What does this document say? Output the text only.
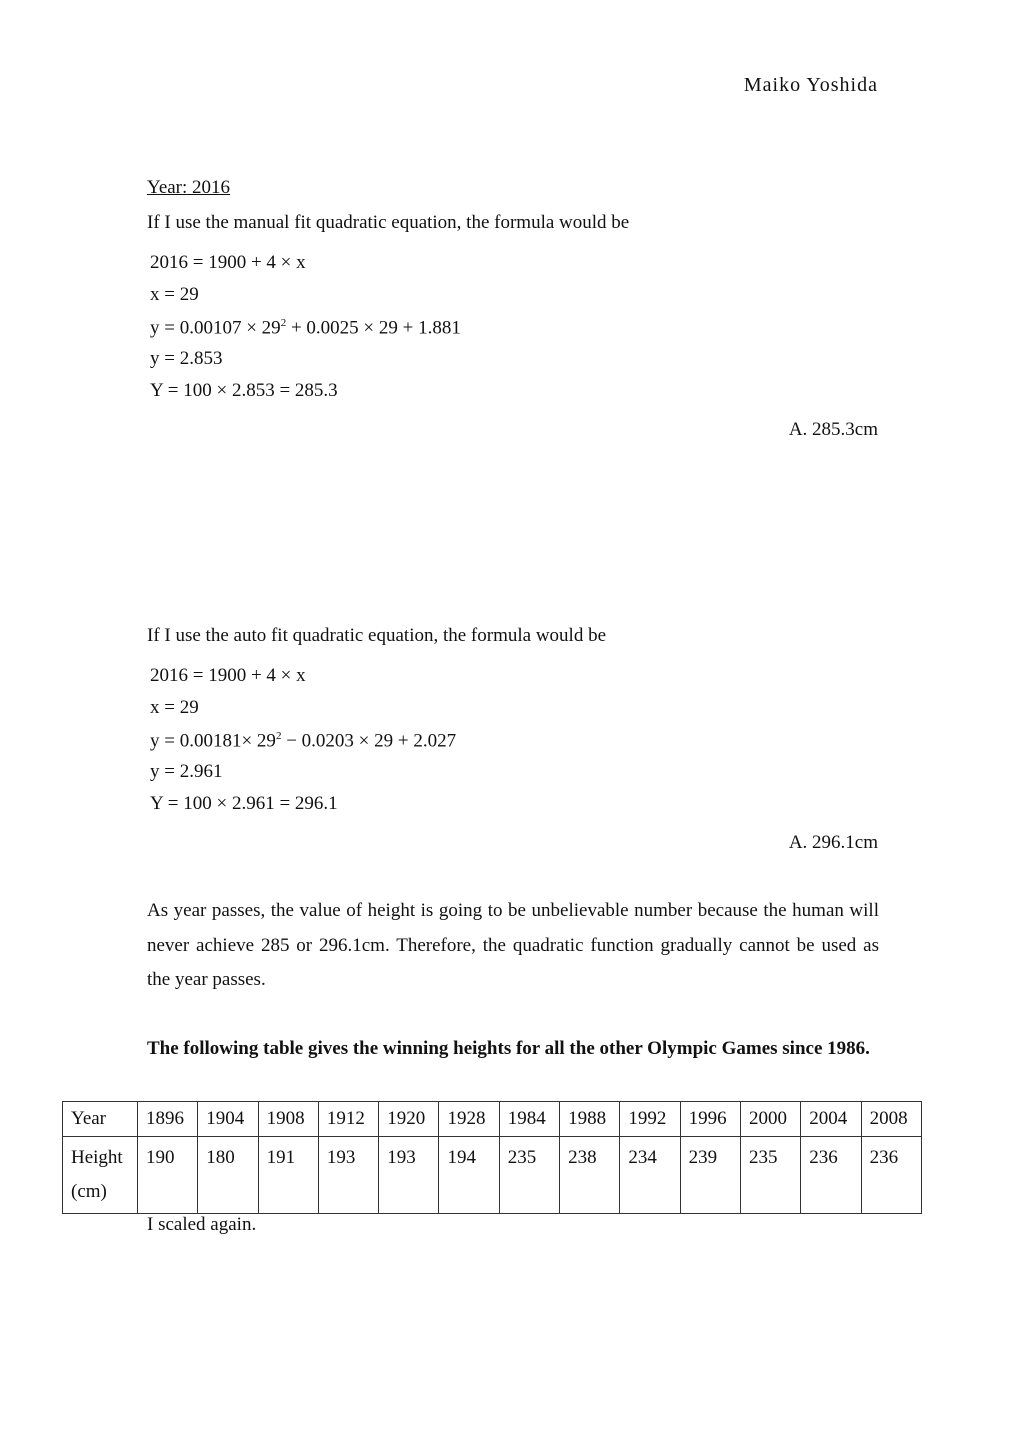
Maiko Yoshida
Year: 2016
If I use the manual fit quadratic equation, the formula would be
2016 = 1900 + 4 × x
x = 29
$y = 0.00107 \times 29^2 + 0.0025 \times 29 + 1.881$
y = 2.853
Y = 100 × 2.853 = 285.3
A. 285.3cm
If I use the auto fit quadratic equation, the formula would be
2016 = 1900 + 4 × x
x = 29
$y = 0.00181\times 29^2 - 0.0203 \times 29 + 2.027$
y = 2.961
Y = 100 × 2.961 = 296.1
A. 296.1cm
As year passes, the value of height is going to be unbelievable number because the human will never achieve 285 or 296.1cm. Therefore, the quadratic function gradually cannot be used as the year passes.
The following table gives the winning heights for all the other Olympic Games since 1986.
Year	1896	1904	1908	1912	1920	1928	1984	1988	1992	1996	2000	2004	2008
Height (cm)	190	180	191	193	193	194	235	238	234	239	235	236	236
I scaled again.
